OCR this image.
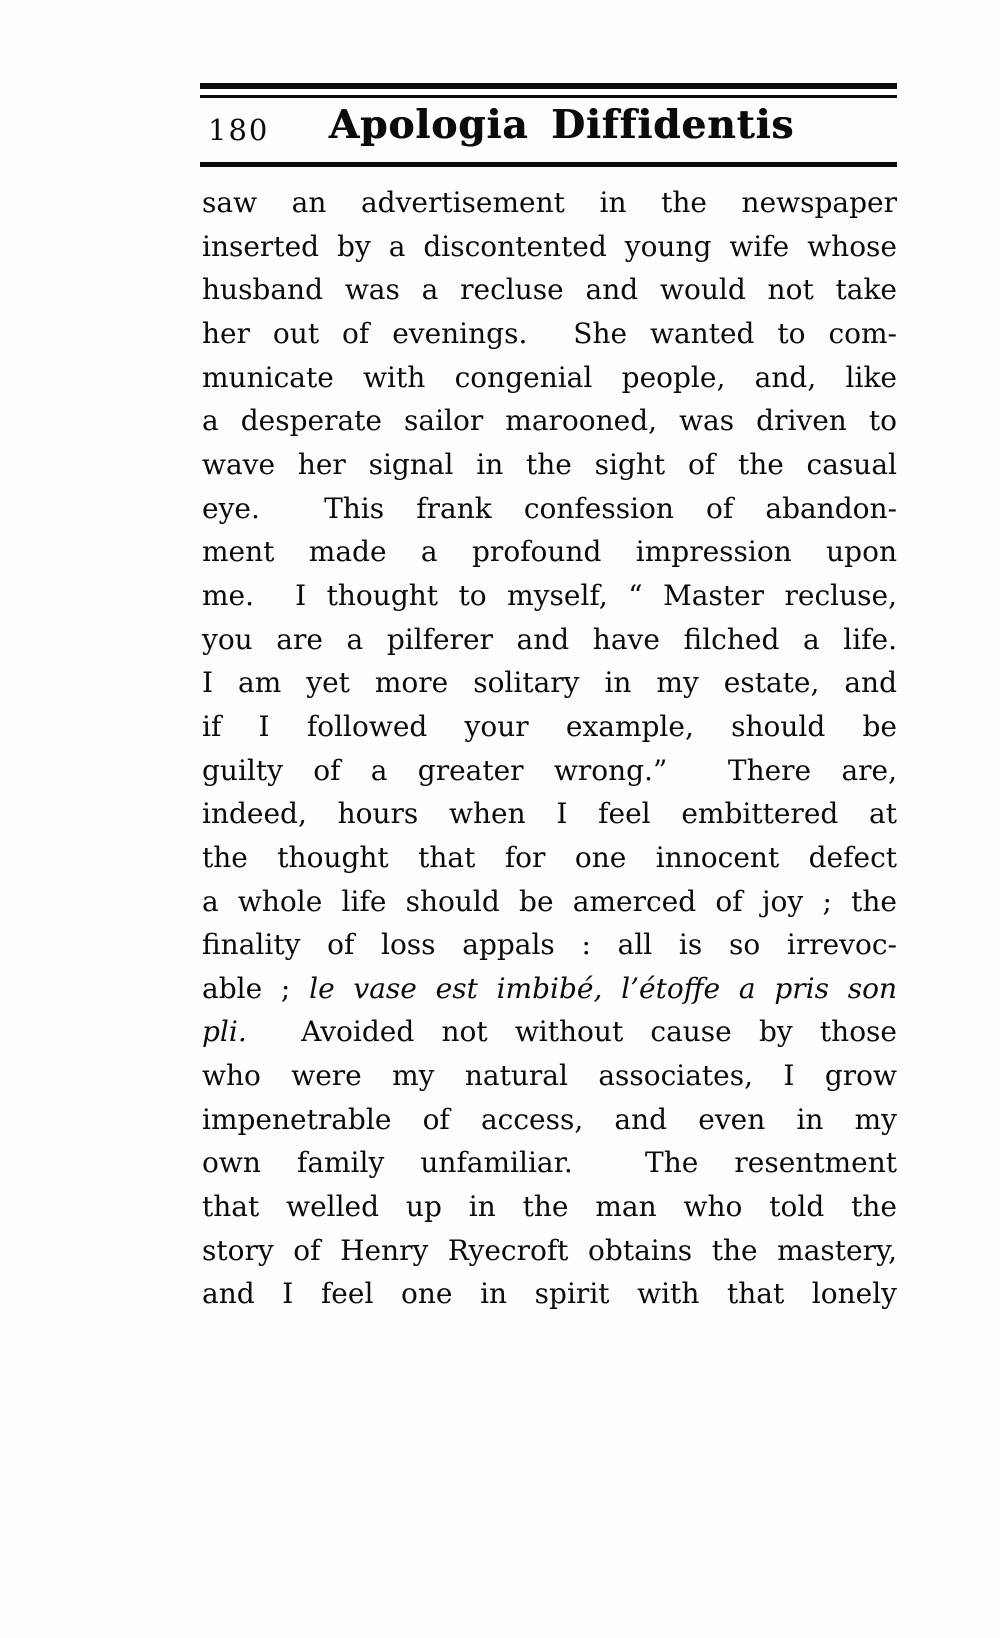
180	Apologia Diffidentis
saw an advertisement in the newspaper
inserted by a discontented young wife whose
husband was a recluse and would not take
her out of evenings.  She wanted to com-
municate with congenial people, and, like
a desperate sailor marooned, was driven to
wave her signal in the sight of the casual
eye.  This frank confession of abandon-
ment made a profound impression upon
me.  I thought to myself, “ Master recluse,
you are a pilferer and have filched a life.
I am yet more solitary in my estate, and
if I followed your example, should be
guilty of a greater wrong.”  There are,
indeed, hours when I feel embittered at
the thought that for one innocent defect
a whole life should be amerced of joy ; the
finality of loss appals : all is so irrevoc-
able ; le vase est imbibé, l’étoffe a pris son
pli.  Avoided not without cause by those
who were my natural associates, I grow
impenetrable of access, and even in my
own family unfamiliar.  The resentment
that welled up in the man who told the
story of Henry Ryecroft obtains the mastery,
and I feel one in spirit with that lonely
